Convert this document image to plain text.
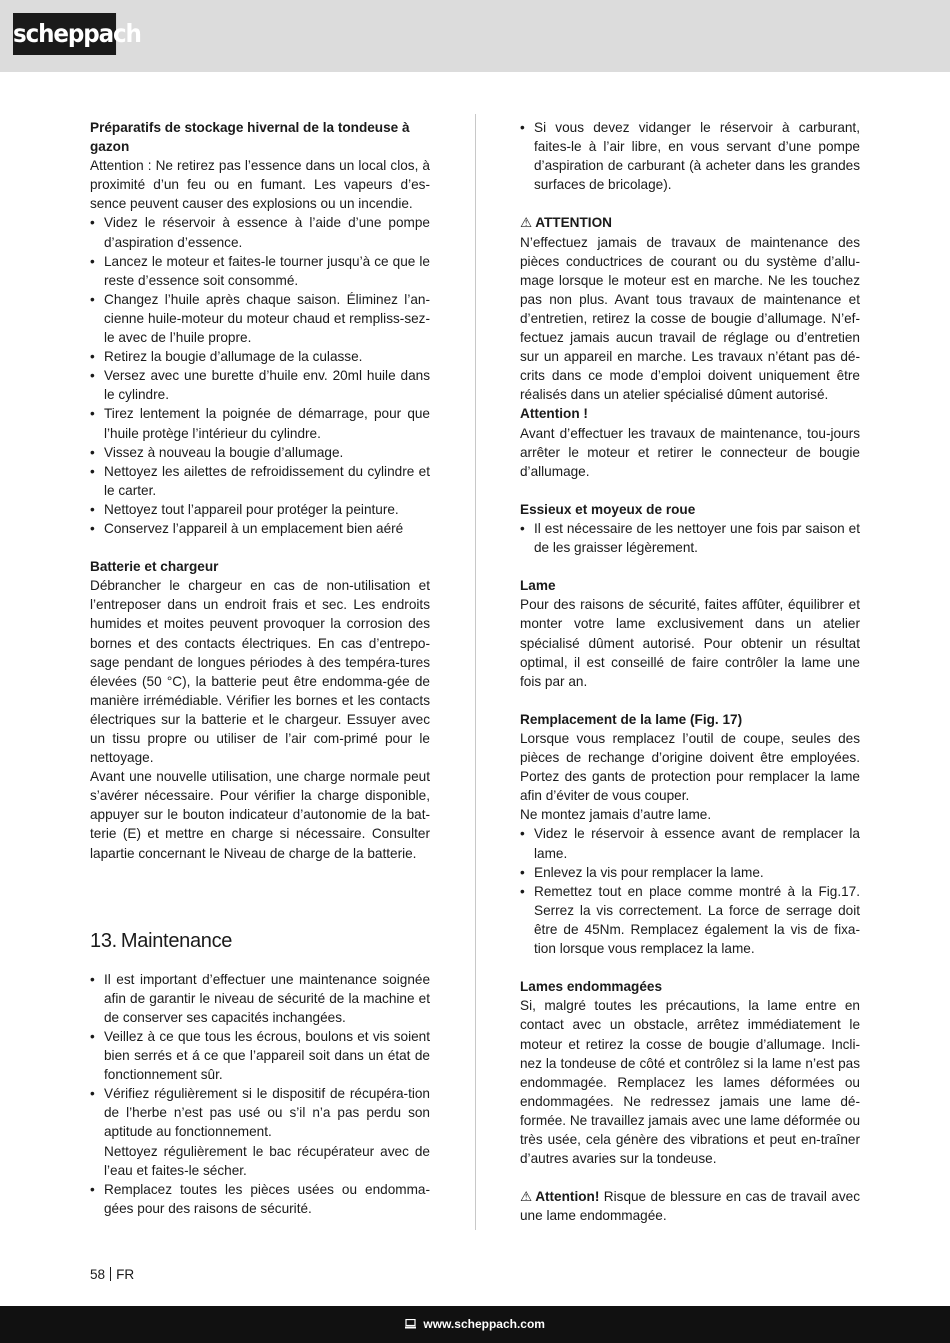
scheppach
Préparatifs de stockage hivernal de la tondeuse à gazon

Attention : Ne retirez pas l’essence dans un local clos, à proximité d’un feu ou en fumant. Les vapeurs d’es-sence peuvent causer des explosions ou un incendie.

• Videz le réservoir à essence à l’aide d’une pompe d’aspiration d’essence.
• Lancez le moteur et faites-le tourner jusqu’à ce que le reste d’essence soit consommé.
• Changez l’huile après chaque saison. Éliminez l’an-cienne huile-moteur du moteur chaud et rempliss-sez-le avec de l’huile propre.
• Retirez la bougie d’allumage de la culasse.
• Versez avec une burette d’huile env. 20ml huile dans le cylindre.
• Tirez lentement la poignée de démarrage, pour que l’huile protège l’intérieur du cylindre.
• Vissez à nouveau la bougie d’allumage.
• Nettoyez les ailettes de refroidissement du cylindre et le carter.
• Nettoyez tout l’appareil pour protéger la peinture.
• Conservez l’appareil à un emplacement bien aéré
Batterie et chargeur

Débrancher le chargeur en cas de non-utilisation et l’entreposer dans un endroit frais et sec. Les endroits humides et moites peuvent provoquer la corrosion des bornes et des contacts électriques. En cas d’entrepo-sage pendant de longues périodes à des tempéra-tures élevées (50 °C), la batterie peut être endomma-gée de manière irrémédiable. Vérifier les bornes et les contacts électriques sur la batterie et le chargeur. Essuyer avec un tissu propre ou utiliser de l’air com-primé pour le nettoyage.

Avant une nouvelle utilisation, une charge normale peut s’avérer nécessaire. Pour vérifier la charge disponible, appuyer sur le bouton indicateur d’autonomie de la bat-terie (E) et mettre en charge si nécessaire. Consulter lapartie concernant le Niveau de charge de la batterie.

13. Maintenance

• Il est important d’effectuer une maintenance soignée afin de garantir le niveau de sécurité de la machine et de conserver ses capacités inchangées.

• Veillez à ce que tous les écrous, boulons et vis soient bien serrés et á ce que l’appareil soit dans un état de fonctionnement sûr.

• Vérifiez régulièrement si le dispositif de récupéra-tion de l’herbe n’est pas usé ou s’il n’a pas perdu son aptitude au fonctionnement.

Nettoyez régulièrement le bac récupérateur avec de l’eau et faites-le sécher.

• Remplacez toutes les pièces usées ou endomma-gées pour des raisons de sécurité.

• Si vous devez vidanger le réservoir à carburant, faites-le à l’air libre, en vous servant d’une pompe d’aspiration de carburant (à acheter dans les grandes surfaces de bricolage).
⚠ ATTENTION

N’effectuez jamais de travaux de maintenance des pièces conductrices de courant ou du système d’allu-mage lorsque le moteur est en marche. Ne les touchez pas non plus. Avant tous travaux de maintenance et d’entretien, retirez la cosse de bougie d’allumage. N’ef-fectuez jamais aucun travail de réglage ou d’entretien sur un appareil en marche. Les travaux n’étant pas dé-crits dans ce mode d’emploi doivent uniquement être réalisés dans un atelier spécialisé dûment autorisé.

Attention !

Avant d’effectuer les travaux de maintenance, tou-jours arrêter le moteur et retirer le connecteur de bougie d’allumage.

Essieux et moyeux de roue
• Il est nécessaire de les nettoyer une fois par saison et de les graisser légèrement.
Lame

Pour des raisons de sécurité, faites affûter, équilibrer et monter votre lame exclusivement dans un atelier spécialisé dûment autorisé. Pour obtenir un résultat optimal, il est conseillé de faire contrôler la lame une fois par an.

Remplacement de la lame (Fig. 17)

Lorsque vous remplacez l’outil de coupe, seules des pièces de rechange d’origine doivent être employées. Portez des gants de protection pour remplacer la lame afin d’éviter de vous couper.

Ne montez jamais d’autre lame.

• Videz le réservoir à essence avant de remplacer la lame.
• Enlevez la vis pour remplacer la lame.
• Remettez tout en place comme montré à la Fig.17. Serrez la vis correctement. La force de serrage doit être de 45Nm. Remplacez également la vis de fixa-tion lorsque vous remplacez la lame.
Lames endommagées

Si, malgré toutes les précautions, la lame entre en contact avec un obstacle, arrêtez immédiatement le moteur et retirez la cosse de bougie d’allumage. Incli-nez la tondeuse de côté et contrôlez si la lame n’est pas endommagée. Remplacez les lames déformées ou endommagées. Ne redressez jamais une lame dé-formée. Ne travaillez jamais avec une lame déformée ou très usée, cela génère des vibrations et peut en-traîner d’autres avaries sur la tondeuse.

⚠ Attention! Risque de blessure en cas de travail avec une lame endommagée.

58 FR
www.scheppach.com
